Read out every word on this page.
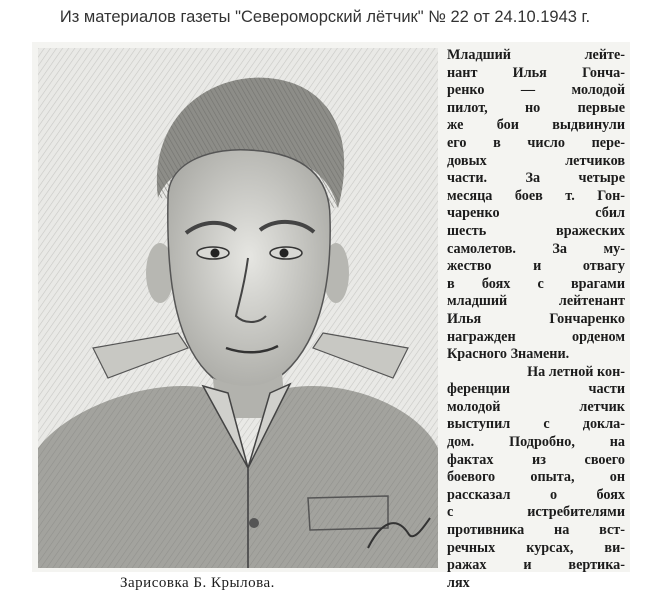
Из материалов газеты "Североморский лётчик" № 22 от 24.10.1943 г.
Младший лейте-
нант Илья Гонча-
ренко — молодой
пилот, но первые
же бои выдвинули
его в число пере-
довых летчиков
части. За четыре
месяца боев т. Гон-
чаренко сбил
шесть вражеских
самолетов. За му-
жество и отвагу
в боях с врагами
младший лейтенант
Илья Гончаренко
награжден орденом
Красного Знамени.
На летной кон-
ференции части
молодой летчик
выступил с докла-
дом. Подробно, на
фактах из своего
боевого опыта, он
рассказал о боях
с истребителями
противника на вст-
речных курсах, ви-
ражах и вертика-
лях
Зарисовка Б. Крылова.
